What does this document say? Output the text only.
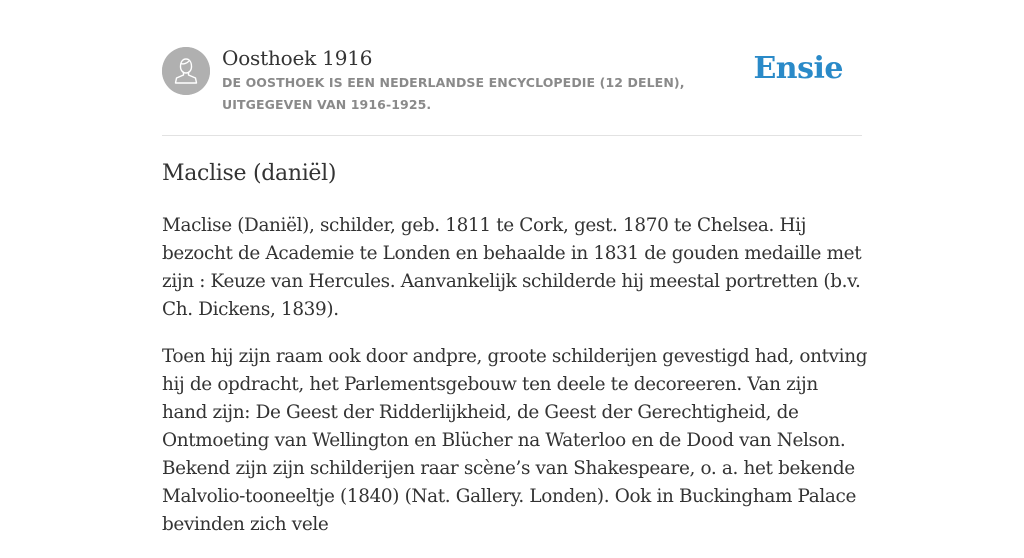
Oosthoek 1916
DE OOSTHOEK IS EEN NEDERLANDSE ENCYCLOPEDIE (12 DELEN), UITGEGEVEN VAN 1916-1925.
Ensie
Maclise (daniël)

Maclise (Daniël), schilder, geb. 1811 te Cork, gest. 1870 te Chelsea. Hij bezocht de Academie te Londen en behaalde in 1831 de gouden medaille met zijn : Keuze van Hercules. Aanvankelijk schilderde hij meestal portretten (b.v. Ch. Dickens, 1839).

Toen hij zijn raam ook door andpre, groote schilderijen gevestigd had, ontving hij de opdracht, het Parlementsgebouw ten deele te decoreeren. Van zijn hand zijn: De Geest der Ridderlijkheid, de Geest der Gerechtigheid, de Ontmoeting van Wellington en Blücher na Waterloo en de Dood van Nelson. Bekend zijn zijn schilderijen raar scène’s van Shakespeare, o. a. het bekende Malvolio-tooneeltje (1840) (Nat. Gallery. Londen). Ook in Buckingham Palace bevinden zich vele
